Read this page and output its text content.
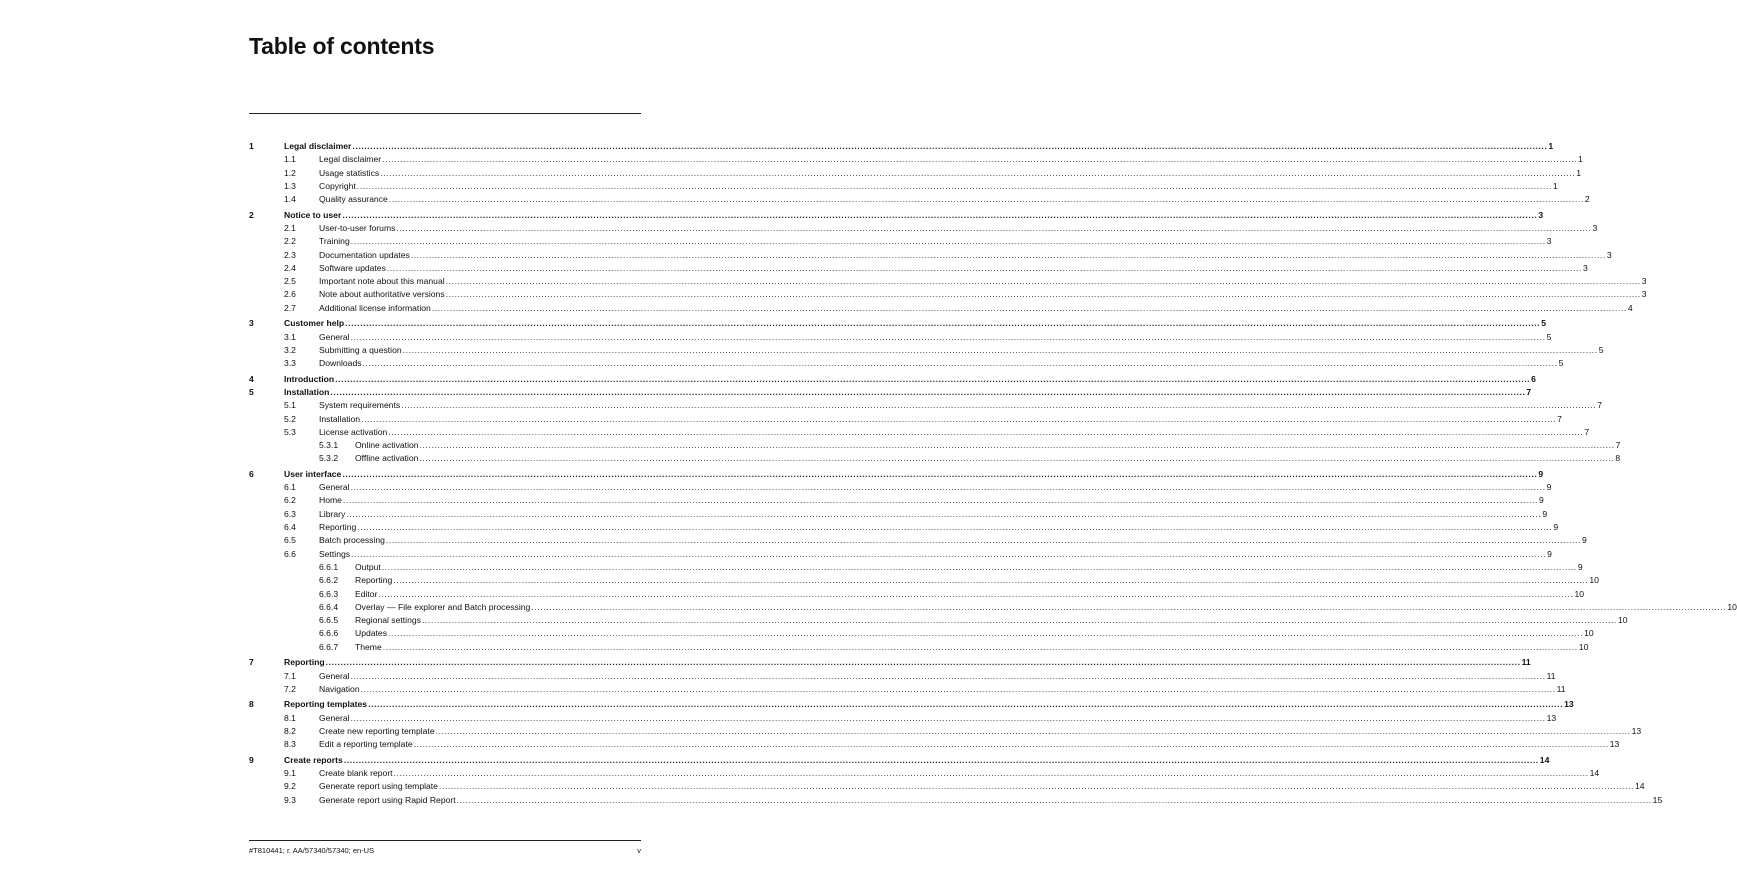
Table of contents
1	Legal disclaimer ................................................................................................................................................................................................................................................................................................................................................................................................................ 1
1.1	Legal disclaimer ................................................................................................................................................................................................................................................................................................................................................................................................................ 1
1.2	Usage statistics ................................................................................................................................................................................................................................................................................................................................................................................................................ 1
1.3	Copyright ................................................................................................................................................................................................................................................................................................................................................................................................................ 1
1.4	Quality assurance ................................................................................................................................................................................................................................................................................................................................................................................................................ 2
2	Notice to user ................................................................................................................................................................................................................................................................................................................................................................................................................ 3
2.1	User-to-user forums ................................................................................................................................................................................................................................................................................................................................................................................................................ 3
2.2	Training ................................................................................................................................................................................................................................................................................................................................................................................................................ 3
2.3	Documentation updates ................................................................................................................................................................................................................................................................................................................................................................................................................ 3
2.4	Software updates ................................................................................................................................................................................................................................................................................................................................................................................................................ 3
2.5	Important note about this manual ................................................................................................................................................................................................................................................................................................................................................................................................................ 3
2.6	Note about authoritative versions ................................................................................................................................................................................................................................................................................................................................................................................................................ 3
2.7	Additional license information ................................................................................................................................................................................................................................................................................................................................................................................................................ 4
3	Customer help ................................................................................................................................................................................................................................................................................................................................................................................................................ 5
3.1	General ................................................................................................................................................................................................................................................................................................................................................................................................................ 5
3.2	Submitting a question ................................................................................................................................................................................................................................................................................................................................................................................................................ 5
3.3	Downloads ................................................................................................................................................................................................................................................................................................................................................................................................................ 5
4	Introduction ................................................................................................................................................................................................................................................................................................................................................................................................................ 6
5	Installation ................................................................................................................................................................................................................................................................................................................................................................................................................ 7
5.1	System requirements ................................................................................................................................................................................................................................................................................................................................................................................................................ 7
5.2	Installation ................................................................................................................................................................................................................................................................................................................................................................................................................ 7
5.3	License activation ................................................................................................................................................................................................................................................................................................................................................................................................................ 7
5.3.1 Online activation ................................................................................................................................................................................................................................................................................................................................................................................................................ 7
5.3.2 Offline activation ................................................................................................................................................................................................................................................................................................................................................................................................................ 8
6	User interface ................................................................................................................................................................................................................................................................................................................................................................................................................ 9
6.1	General ................................................................................................................................................................................................................................................................................................................................................................................................................ 9
6.2	Home ................................................................................................................................................................................................................................................................................................................................................................................................................ 9
6.3	Library ................................................................................................................................................................................................................................................................................................................................................................................................................ 9
6.4	Reporting ................................................................................................................................................................................................................................................................................................................................................................................................................ 9
6.5	Batch processing ................................................................................................................................................................................................................................................................................................................................................................................................................ 9
6.6	Settings ................................................................................................................................................................................................................................................................................................................................................................................................................ 9
6.6.1 Output ................................................................................................................................................................................................................................................................................................................................................................................................................ 9
6.6.2 Reporting ................................................................................................................................................................................................................................................................................................................................................................................................................ 10
6.6.3 Editor ................................................................................................................................................................................................................................................................................................................................................................................................................ 10
6.6.4 Overlay — File explorer and Batch processing ................................................................................................................................................................................................................................................................................................................................................................................................................ 10
6.6.5 Regional settings ................................................................................................................................................................................................................................................................................................................................................................................................................ 10
6.6.6 Updates ................................................................................................................................................................................................................................................................................................................................................................................................................ 10
6.6.7 Theme ................................................................................................................................................................................................................................................................................................................................................................................................................ 10
7	Reporting ................................................................................................................................................................................................................................................................................................................................................................................................................ 11
7.1	General ................................................................................................................................................................................................................................................................................................................................................................................................................ 11
7.2	Navigation ................................................................................................................................................................................................................................................................................................................................................................................................................ 11
8	Reporting templates ................................................................................................................................................................................................................................................................................................................................................................................................................ 13
8.1	General ................................................................................................................................................................................................................................................................................................................................................................................................................ 13
8.2	Create new reporting template ................................................................................................................................................................................................................................................................................................................................................................................................................ 13
8.3	Edit a reporting template ................................................................................................................................................................................................................................................................................................................................................................................................................ 13
9	Create reports ................................................................................................................................................................................................................................................................................................................................................................................................................ 14
9.1	Create blank report ................................................................................................................................................................................................................................................................................................................................................................................................................ 14
9.2	Generate report using template ................................................................................................................................................................................................................................................................................................................................................................................................................ 14
9.3	Generate report using Rapid Report ................................................................................................................................................................................................................................................................................................................................................................................................................ 15
#T810441; r. AA/57340/57340; en-US	v
